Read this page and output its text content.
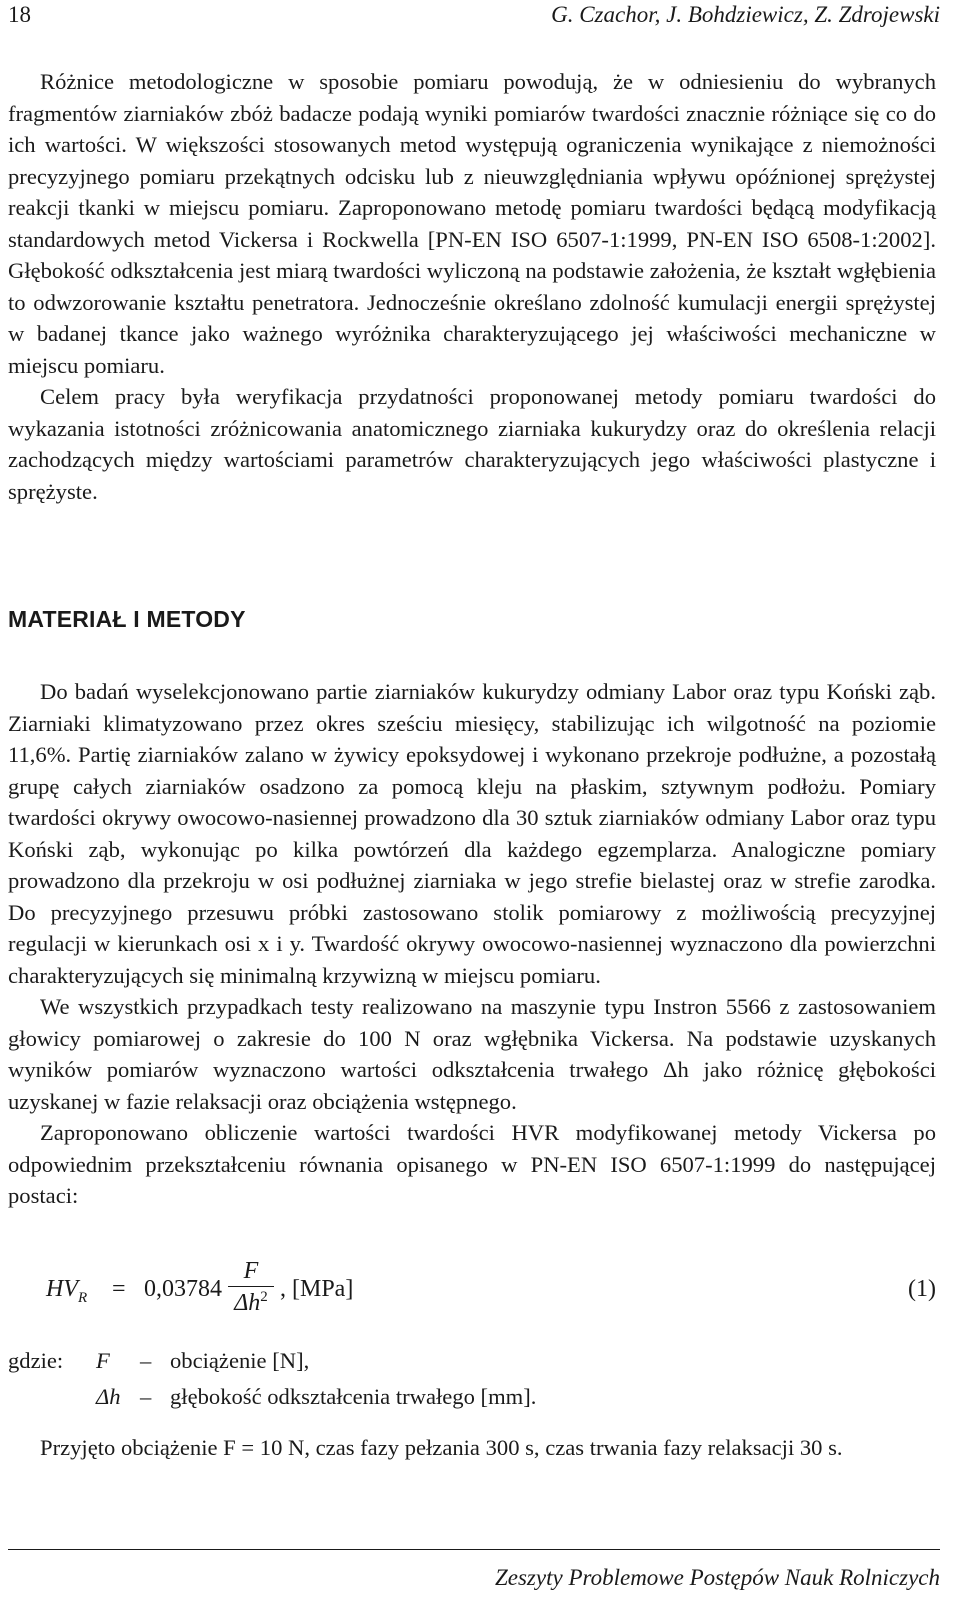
18	G. Czachor, J. Bohdziewicz, Z. Zdrojewski

Różnice metodologiczne w sposobie pomiaru powodują, że w odniesieniu do wybranych fragmentów ziarniaków zbóż badacze podają wyniki pomiarów twardości znacznie różniące się co do ich wartości. W większości stosowanych metod występują ograniczenia wynikające z niemożności precyzyjnego pomiaru przekątnych odcisku lub z nieuwzględniania wpływu opóźnionej sprężystej reakcji tkanki w miejscu pomiaru. Zaproponowano metodę pomiaru twardości będącą modyfikacją standardowych metod Vickersa i Rockwella [PN-EN ISO 6507-1:1999, PN-EN ISO 6508-1:2002]. Głębokość odkształcenia jest miarą twardości wyliczoną na podstawie założenia, że kształt wgłębienia to odwzorowanie kształtu penetratora. Jednocześnie określano zdolność kumulacji energii sprężystej w badanej tkance jako ważnego wyróżnika charakteryzującego jej właściwości mechaniczne w miejscu pomiaru.

Celem pracy była weryfikacja przydatności proponowanej metody pomiaru twardości do wykazania istotności zróżnicowania anatomicznego ziarniaka kukurydzy oraz do określenia relacji zachodzących między wartościami parametrów charakteryzujących jego właściwości plastyczne i sprężyste.

MATERIAŁ I METODY

Do badań wyselekcjonowano partie ziarniaków kukurydzy odmiany Labor oraz typu Koński ząb. Ziarniaki klimatyzowano przez okres sześciu miesięcy, stabilizując ich wilgotność na poziomie 11,6%. Partię ziarniaków zalano w żywicy epoksydowej i wykonano przekroje podłużne, a pozostałą grupę całych ziarniaków osadzono za pomocą kleju na płaskim, sztywnym podłożu. Pomiary twardości okrywy owocowo-nasiennej prowadzono dla 30 sztuk ziarniaków odmiany Labor oraz typu Koński ząb, wykonując po kilka powtórzeń dla każdego egzemplarza. Analogiczne pomiary prowadzono dla przekroju w osi podłużnej ziarniaka w jego strefie bielastej oraz w strefie zarodka. Do precyzyjnego przesuwu próbki zastosowano stolik pomiarowy z możliwością precyzyjnej regulacji w kierunkach osi x i y. Twardość okrywy owocowo-nasiennej wyznaczono dla powierzchni charakteryzujących się minimalną krzywizną w miejscu pomiaru.

We wszystkich przypadkach testy realizowano na maszynie typu Instron 5566 z zastosowaniem głowicy pomiarowej o zakresie do 100 N oraz wgłębnika Vickersa. Na podstawie uzyskanych wyników pomiarów wyznaczono wartości odkształcenia trwałego Δh jako różnicę głębokości uzyskanej w fazie relaksacji oraz obciążenia wstępnego.

Zaproponowano obliczenie wartości twardości HVR modyfikowanej metody Vickersa po odpowiednim przekształceniu równania opisanego w PN-EN ISO 6507-1:1999 do następującej postaci:

$HV_R = 0,03784$
F
$\Delta h^2$ , [MPa]	(1)
gdzie: F – obciążenie [N],
Δh – głębokość odkształcenia trwałego [mm].

Przyjęto obciążenie F = 10 N, czas fazy pełzania 300 s, czas trwania fazy relaksacji 30 s.

Zeszyty Problemowe Postępów Nauk Rolniczych
